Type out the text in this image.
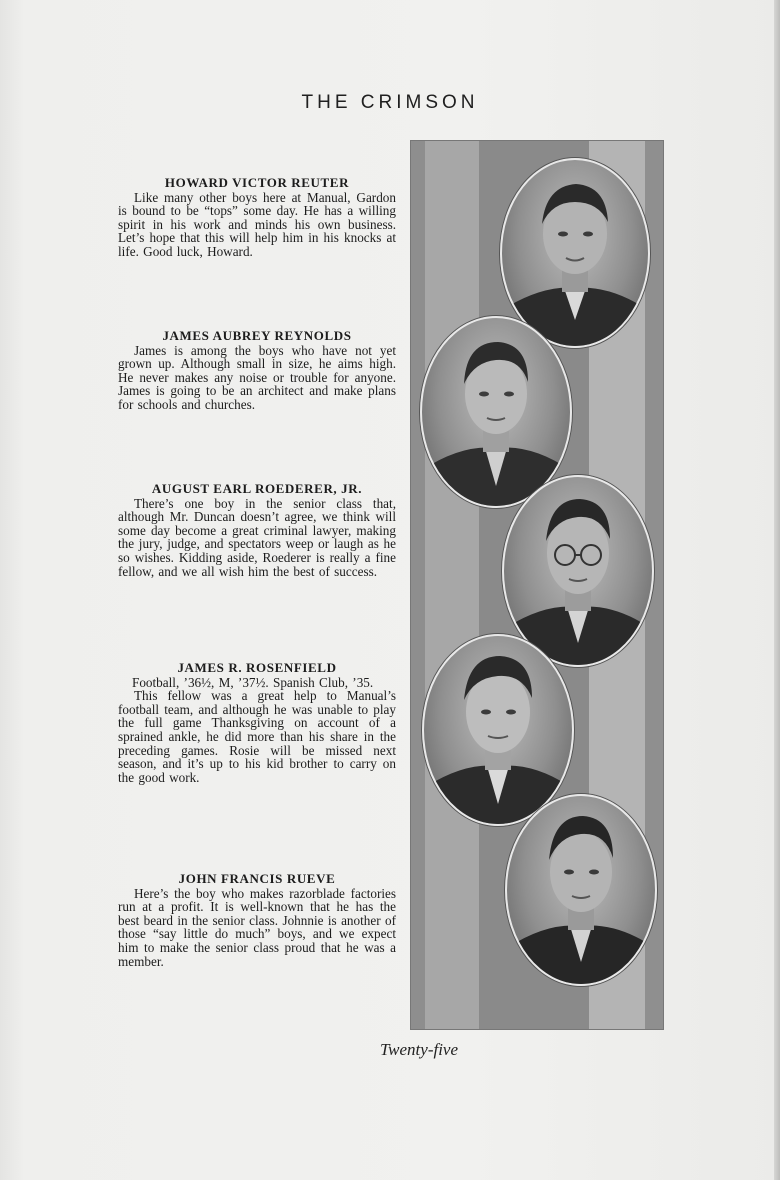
THE CRIMSON

HOWARD VICTOR REUTER

Like many other boys here at Manual, Gardon is bound to be “tops” some day. He has a willing spirit in his work and minds his own business. Let’s hope that this will help him in his knocks at life. Good luck, Howard.

JAMES AUBREY REYNOLDS

James is among the boys who have not yet grown up. Although small in size, he aims high. He never makes any noise or trouble for anyone. James is going to be an architect and make plans for schools and churches.

AUGUST EARL ROEDERER, JR.

There’s one boy in the senior class that, although Mr. Duncan doesn’t agree, we think will some day become a great criminal lawyer, making the jury, judge, and spectators weep or laugh as he so wishes. Kidding aside, Roederer is really a fine fellow, and we all wish him the best of success.

JAMES R. ROSENFIELD

Football, ’36½, M, ’37½. Spanish Club, ’35.

This fellow was a great help to Manual’s football team, and although he was unable to play the full game Thanksgiving on account of a sprained ankle, he did more than his share in the preceding games. Rosie will be missed next season, and it’s up to his kid brother to carry on the good work.

JOHN FRANCIS RUEVE

Here’s the boy who makes razorblade factories run at a profit. It is well-known that he has the best beard in the senior class. Johnnie is another of those “say little do much” boys, and we expect him to make the senior class proud that he was a member.

Twenty-five
